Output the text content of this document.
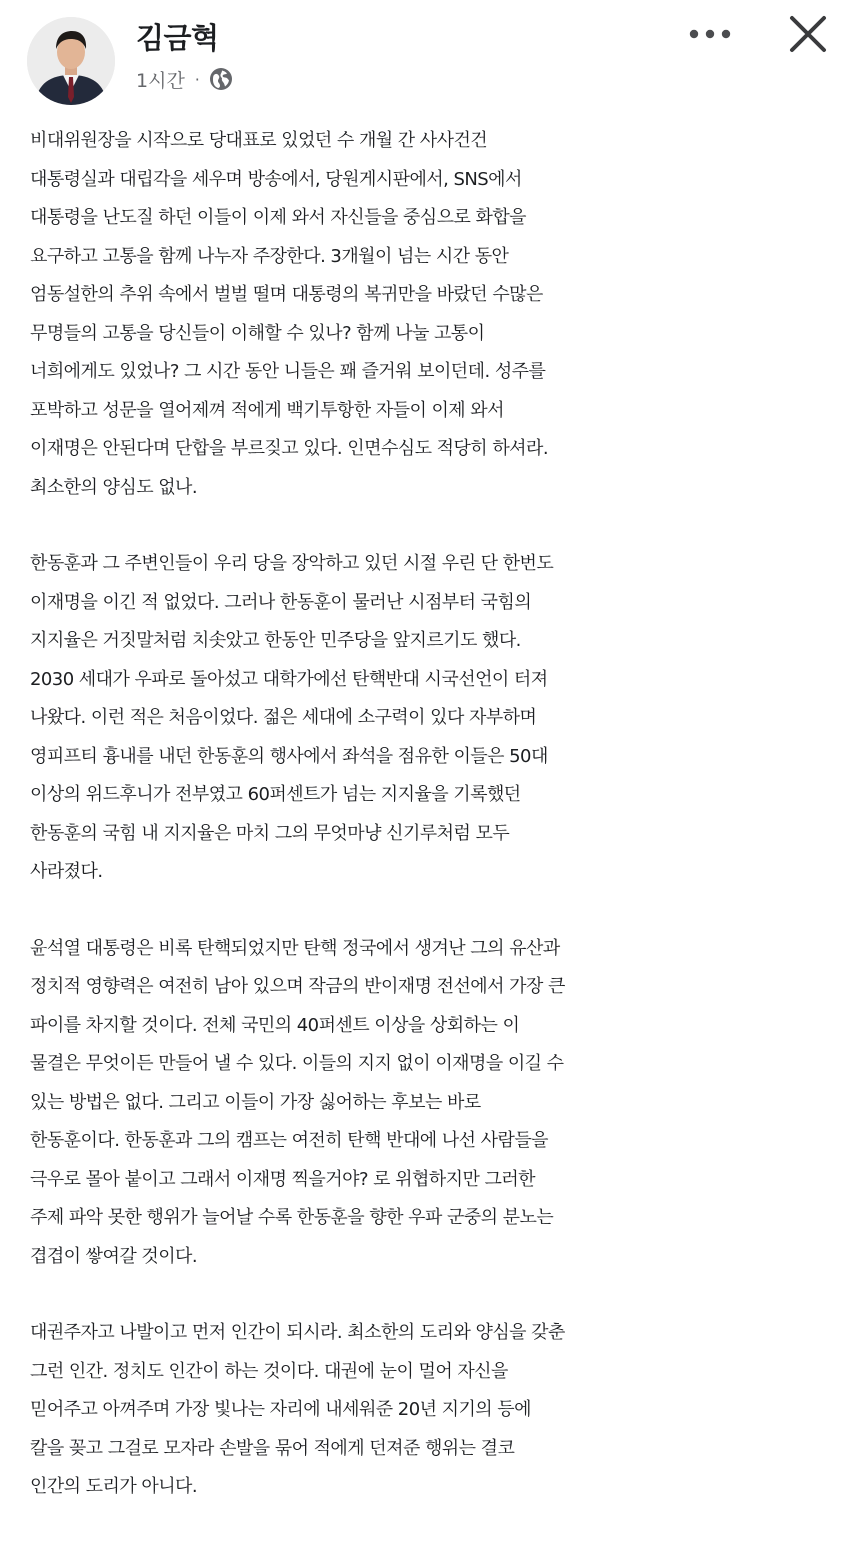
김금혁
1시간 ·
비대위원장을 시작으로 당대표로 있었던 수 개월 간 사사건건
대통령실과 대립각을 세우며 방송에서, 당원게시판에서, SNS에서
대통령을 난도질 하던 이들이 이제 와서 자신들을 중심으로 화합을
요구하고 고통을 함께 나누자 주장한다. 3개월이 넘는 시간 동안
엄동설한의 추위 속에서 벌벌 떨며 대통령의 복귀만을 바랐던 수많은
무명들의 고통을 당신들이 이해할 수 있나? 함께 나눌 고통이
너희에게도 있었나? 그 시간 동안 니들은 꽤 즐거워 보이던데. 성주를
포박하고 성문을 열어제껴 적에게 백기투항한 자들이 이제 와서
이재명은 안된다며 단합을 부르짖고 있다. 인면수심도 적당히 하셔라.
최소한의 양심도 없나.
한동훈과 그 주변인들이 우리 당을 장악하고 있던 시절 우린 단 한번도
이재명을 이긴 적 없었다. 그러나 한동훈이 물러난 시점부터 국힘의
지지율은 거짓말처럼 치솟았고 한동안 민주당을 앞지르기도 했다.
2030 세대가 우파로 돌아섰고 대학가에선 탄핵반대 시국선언이 터져
나왔다. 이런 적은 처음이었다. 젊은 세대에 소구력이 있다 자부하며
영피프티 흉내를 내던 한동훈의 행사에서 좌석을 점유한 이들은 50대
이상의 위드후니가 전부였고 60퍼센트가 넘는 지지율을 기록했던
한동훈의 국힘 내 지지율은 마치 그의 무엇마냥 신기루처럼 모두
사라졌다.
윤석열 대통령은 비록 탄핵되었지만 탄핵 정국에서 생겨난 그의 유산과
정치적 영향력은 여전히 남아 있으며 작금의 반이재명 전선에서 가장 큰
파이를 차지할 것이다. 전체 국민의 40퍼센트 이상을 상회하는 이
물결은 무엇이든 만들어 낼 수 있다. 이들의 지지 없이 이재명을 이길 수
있는 방법은 없다. 그리고 이들이 가장 싫어하는 후보는 바로
한동훈이다. 한동훈과 그의 캠프는 여전히 탄핵 반대에 나선 사람들을
극우로 몰아 붙이고 그래서 이재명 찍을거야? 로 위협하지만 그러한
주제 파악 못한 행위가 늘어날 수록 한동훈을 향한 우파 군중의 분노는
겹겹이 쌓여갈 것이다.
대권주자고 나발이고 먼저 인간이 되시라. 최소한의 도리와 양심을 갖춘
그런 인간. 정치도 인간이 하는 것이다. 대권에 눈이 멀어 자신을
믿어주고 아껴주며 가장 빛나는 자리에 내세워준 20년 지기의 등에
칼을 꽂고 그걸로 모자라 손발을 묶어 적에게 던져준 행위는 결코
인간의 도리가 아니다.
